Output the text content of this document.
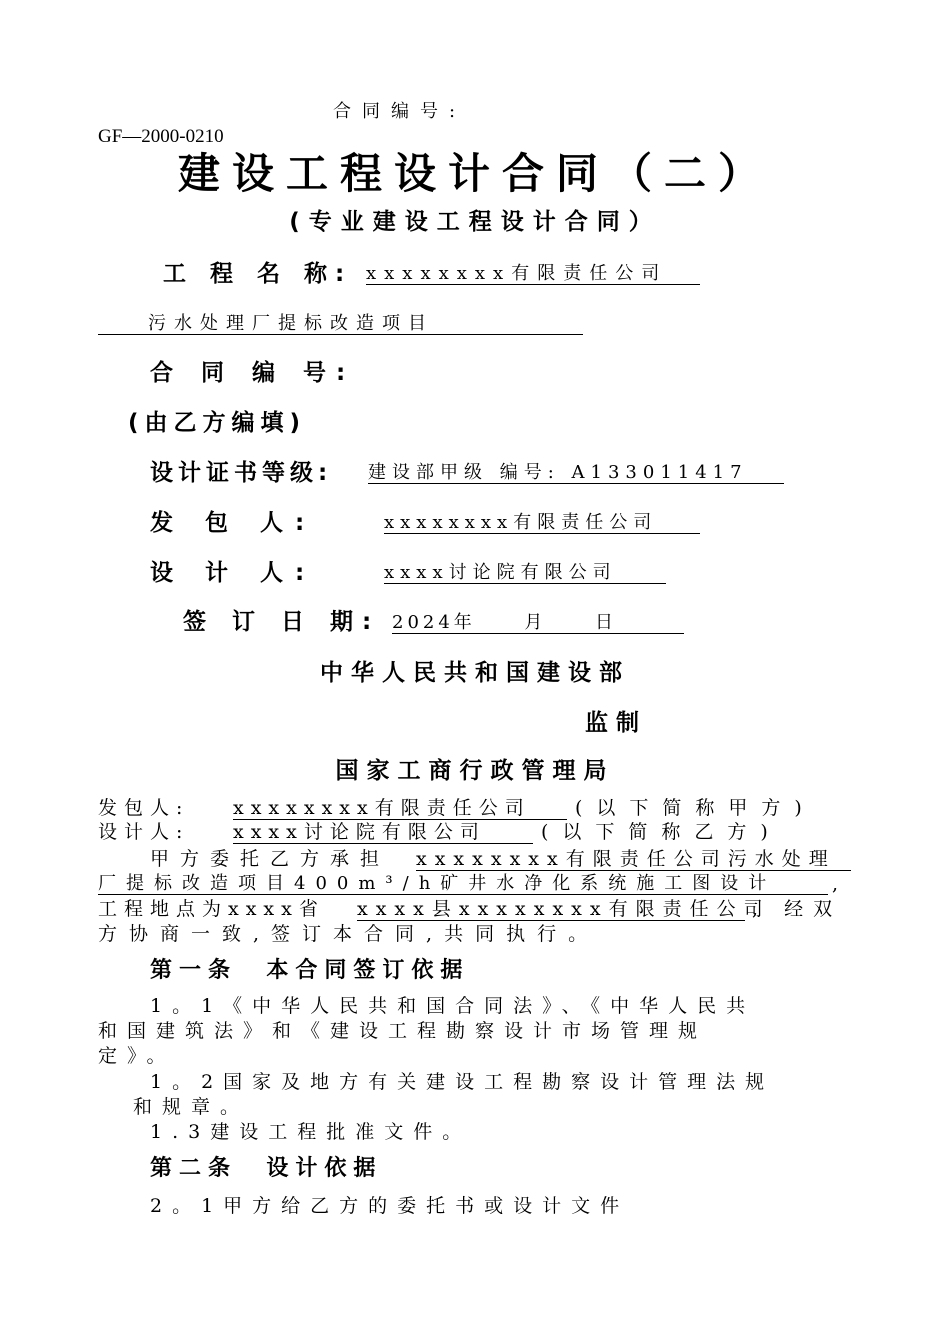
合同编号:
GF—2000-0210
建设工程设计合同（二）
(专业建设工程设计合同）
工 程 名 称: xxxxxxxx有限责任公司
污水处理厂提标改造项目
合 同 编 号:
(由乙方编填)
设计证书等级: 建设部甲级 编号: A133011417
发 包 人:	xxxxxxxx有限责任公司
设 计 人:	xxxx讨论院有限公司
签 订 日 期: 2024年     月     日
中华人民共和国建设部
监制
国家工商行政管理局
发包人: xxxxxxxx有限责任公司	(以下简称甲方)
设计人: xxxx讨论院有限公司	(以下简称乙方)
甲方委托乙方承担 xxxxxxxx有限责任公司污水处理
厂提标改造项目400m³/h矿井水净化系统施工图设计	,
工程地点为xxxx省 xxxx县xxxxxxxx有限责任公司
, 经双
方协商一致,签订本合同,共同执行。
第一条  本合同签订依据
1。1《中华人民共和国合同法》、《中华人民共
和国建筑法》和《建设工程勘察设计市场管理规
定》。
1。2国家及地方有关建设工程勘察设计管理法规
和规章。
1.3建设工程批准文件。
第二条  设计依据
2。1甲方给乙方的委托书或设计文件
